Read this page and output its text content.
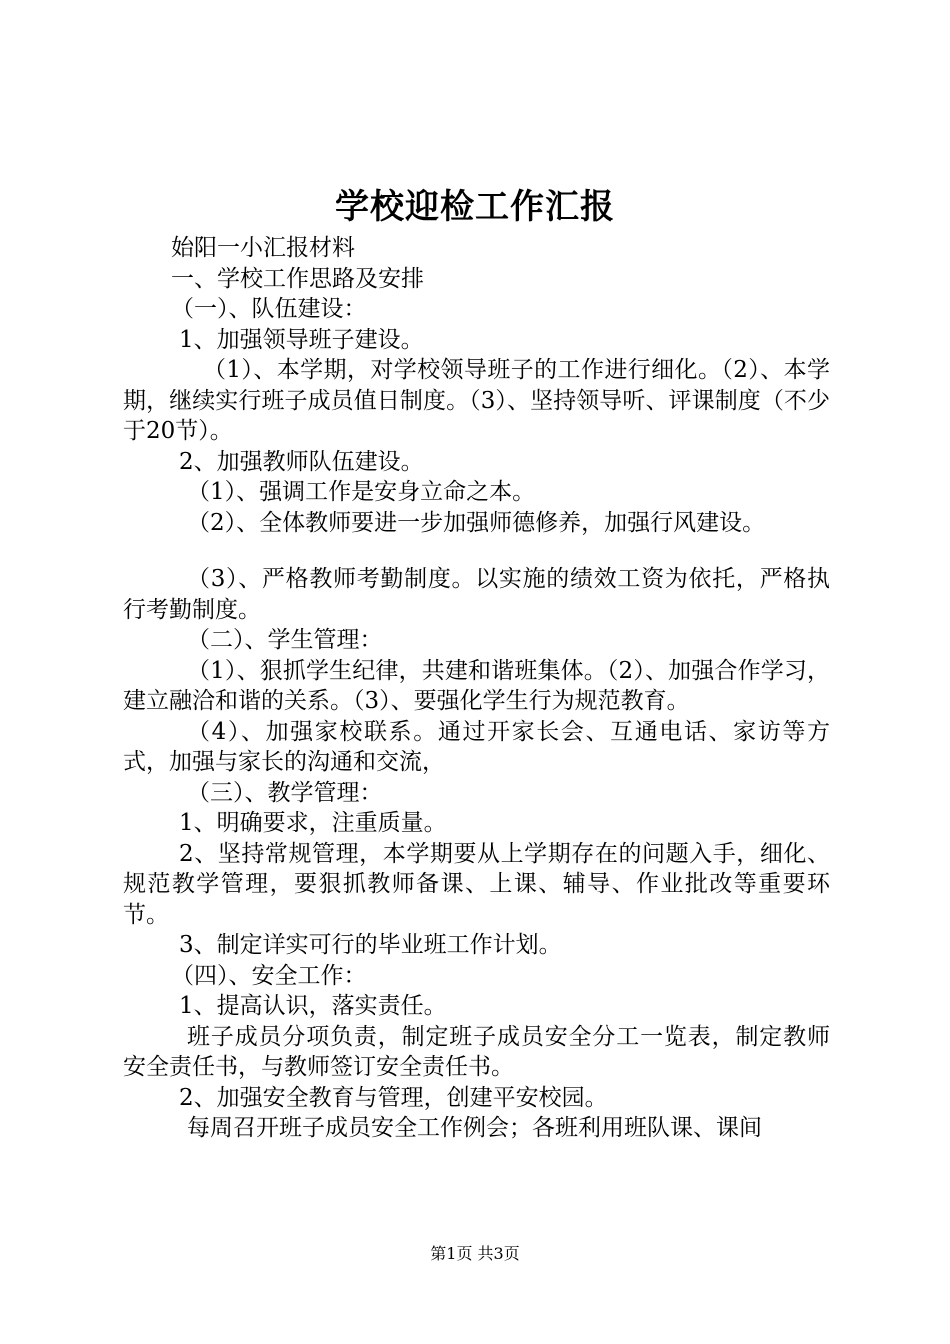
学校迎检工作汇报

始阳一小汇报材料

一、学校工作思路及安排

（一）、队伍建设：

1、加强领导班子建设。

（1）、本学期，对学校领导班子的工作进行细化。（2）、本学期，继续实行班子成员值日制度。（3）、坚持领导听、评课制度（不少于20节）。

2、加强教师队伍建设。

（1）、强调工作是安身立命之本。

（2）、全体教师要进一步加强师德修养，加强行风建设。

（3）、严格教师考勤制度。以实施的绩效工资为依托，严格执行考勤制度。

（二）、学生管理：

（1）、狠抓学生纪律，共建和谐班集体。（2）、加强合作学习，建立融洽和谐的关系。（3）、要强化学生行为规范教育。

（4）、加强家校联系。通过开家长会、互通电话、家访等方式，加强与家长的沟通和交流，

（三）、教学管理：

1、明确要求，注重质量。

2、坚持常规管理，本学期要从上学期存在的问题入手，细化、规范教学管理，要狠抓教师备课、上课、辅导、作业批改等重要环节。

3、制定详实可行的毕业班工作计划。

（四）、安全工作：

1、提高认识，落实责任。

班子成员分项负责，制定班子成员安全分工一览表，制定教师安全责任书，与教师签订安全责任书。

2、加强安全教育与管理，创建平安校园。

每周召开班子成员安全工作例会；各班利用班队课、课间

第1页 共3页
